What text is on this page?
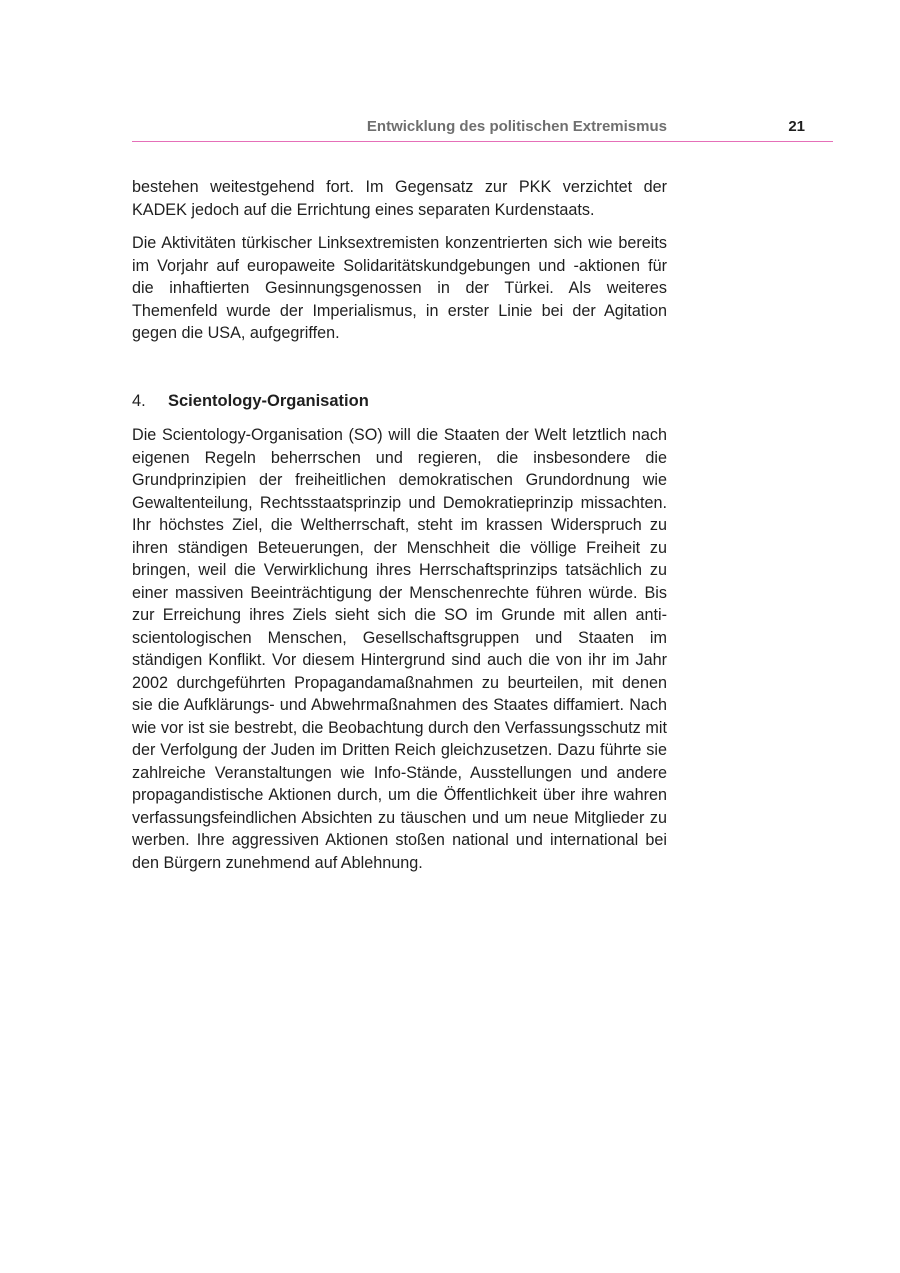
Entwicklung des politischen Extremismus	21

bestehen weitestgehend fort. Im Gegensatz zur PKK verzichtet der KADEK jedoch auf die Errichtung eines separaten Kurdenstaats.

Die Aktivitäten türkischer Linksextremisten konzentrierten sich wie bereits im Vorjahr auf europaweite Solidaritätskundgebungen und -aktionen für die inhaftierten Gesinnungsgenossen in der Türkei. Als weiteres Themenfeld wurde der Imperialismus, in erster Linie bei der Agitation gegen die USA, aufgegriffen.

4. Scientology-Organisation

Die Scientology-Organisation (SO) will die Staaten der Welt letztlich nach eigenen Regeln beherrschen und regieren, die insbesondere die Grundprinzipien der freiheitlichen demokratischen Grundordnung wie Gewaltenteilung, Rechtsstaatsprinzip und Demokratieprinzip missachten. Ihr höchstes Ziel, die Weltherrschaft, steht im krassen Widerspruch zu ihren ständigen Beteuerungen, der Menschheit die völlige Freiheit zu bringen, weil die Verwirklichung ihres Herrschaftsprinzips tatsächlich zu einer massiven Beeinträchtigung der Menschenrechte führen würde. Bis zur Erreichung ihres Ziels sieht sich die SO im Grunde mit allen anti-scientologischen Menschen, Gesellschaftsgruppen und Staaten im ständigen Konflikt. Vor diesem Hintergrund sind auch die von ihr im Jahr 2002 durchgeführten Propagandamaßnahmen zu beurteilen, mit denen sie die Aufklärungs- und Abwehrmaßnahmen des Staates diffamiert. Nach wie vor ist sie bestrebt, die Beobachtung durch den Verfassungsschutz mit der Verfolgung der Juden im Dritten Reich gleichzusetzen. Dazu führte sie zahlreiche Veranstaltungen wie Info-Stände, Ausstellungen und andere propagandistische Aktionen durch, um die Öffentlichkeit über ihre wahren verfassungsfeindlichen Absichten zu täuschen und um neue Mitglieder zu werben. Ihre aggressiven Aktionen stoßen national und international bei den Bürgern zunehmend auf Ablehnung.
